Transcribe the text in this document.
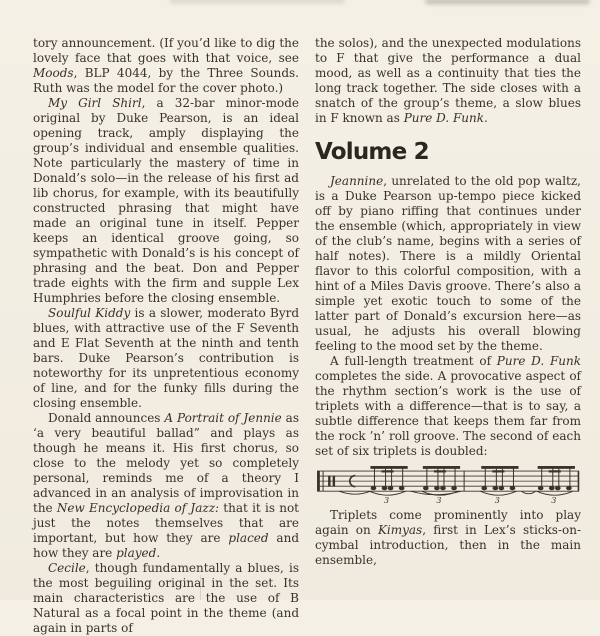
tory announcement. (If you’d like to dig the lovely face that goes with that voice, see Moods, BLP 4044, by the Three Sounds. Ruth was the model for the cover photo.)

My Girl Shirl, a 32-bar minor-mode original by Duke Pearson, is an ideal opening track, amply displaying the group’s individual and ensemble qualities. Note particularly the mastery of time in Donald’s solo—in the release of his first ad lib chorus, for example, with its beautifully constructed phrasing that might have made an original tune in itself. Pepper keeps an identical groove going, so sympathetic with Donald’s is his concept of phrasing and the beat. Don and Pepper trade eights with the firm and supple Lex Humphries before the closing ensemble.

Soulful Kiddy is a slower, moderato Byrd blues, with attractive use of the F Seventh and E Flat Seventh at the ninth and tenth bars. Duke Pearson’s contribution is noteworthy for its unpretentious economy of line, and for the funky fills during the closing ensemble.

Donald announces A Portrait of Jennie as ‘a very beautiful ballad” and plays as though he means it. His first chorus, so close to the melody yet so completely personal, reminds me of a theory I advanced in an analysis of improvisation in the New Encyclopedia of Jazz: that it is not just the notes themselves that are important, but how they are placed and how they are played.

Cecile, though fundamentally a blues, is the most beguiling original in the set. Its main characteristics are the use of B Natural as a focal point in the theme (and again in parts of

the solos), and the unexpected modulations to F that give the performance a dual mood, as well as a continuity that ties the long track together. The side closes with a snatch of the group’s theme, a slow blues in F known as Pure D. Funk.

Volume 2

Jeannine, unrelated to the old pop waltz, is a Duke Pearson up-tempo piece kicked off by piano riffing that continues under the ensemble (which, appropriately in view of the club’s name, begins with a series of half notes). There is a mildly Oriental flavor to this colorful composition, with a hint of a Miles Davis groove. There’s also a simple yet exotic touch to some of the latter part of Donald’s excursion here—as usual, he adjusts his overall blowing feeling to the mood set by the theme.

A full-length treatment of Pure D. Funk completes the side. A provocative aspect of the rhythm section’s work is the use of triplets with a difference—that is to say, a subtle difference that keeps them far from the rock ’n’ roll groove. The second of each set of six triplets is doubled:

3	3	3	3

Triplets come prominently into play again on Kimyas, first in Lex’s sticks-on-cymbal introduction, then in the main ensemble,
